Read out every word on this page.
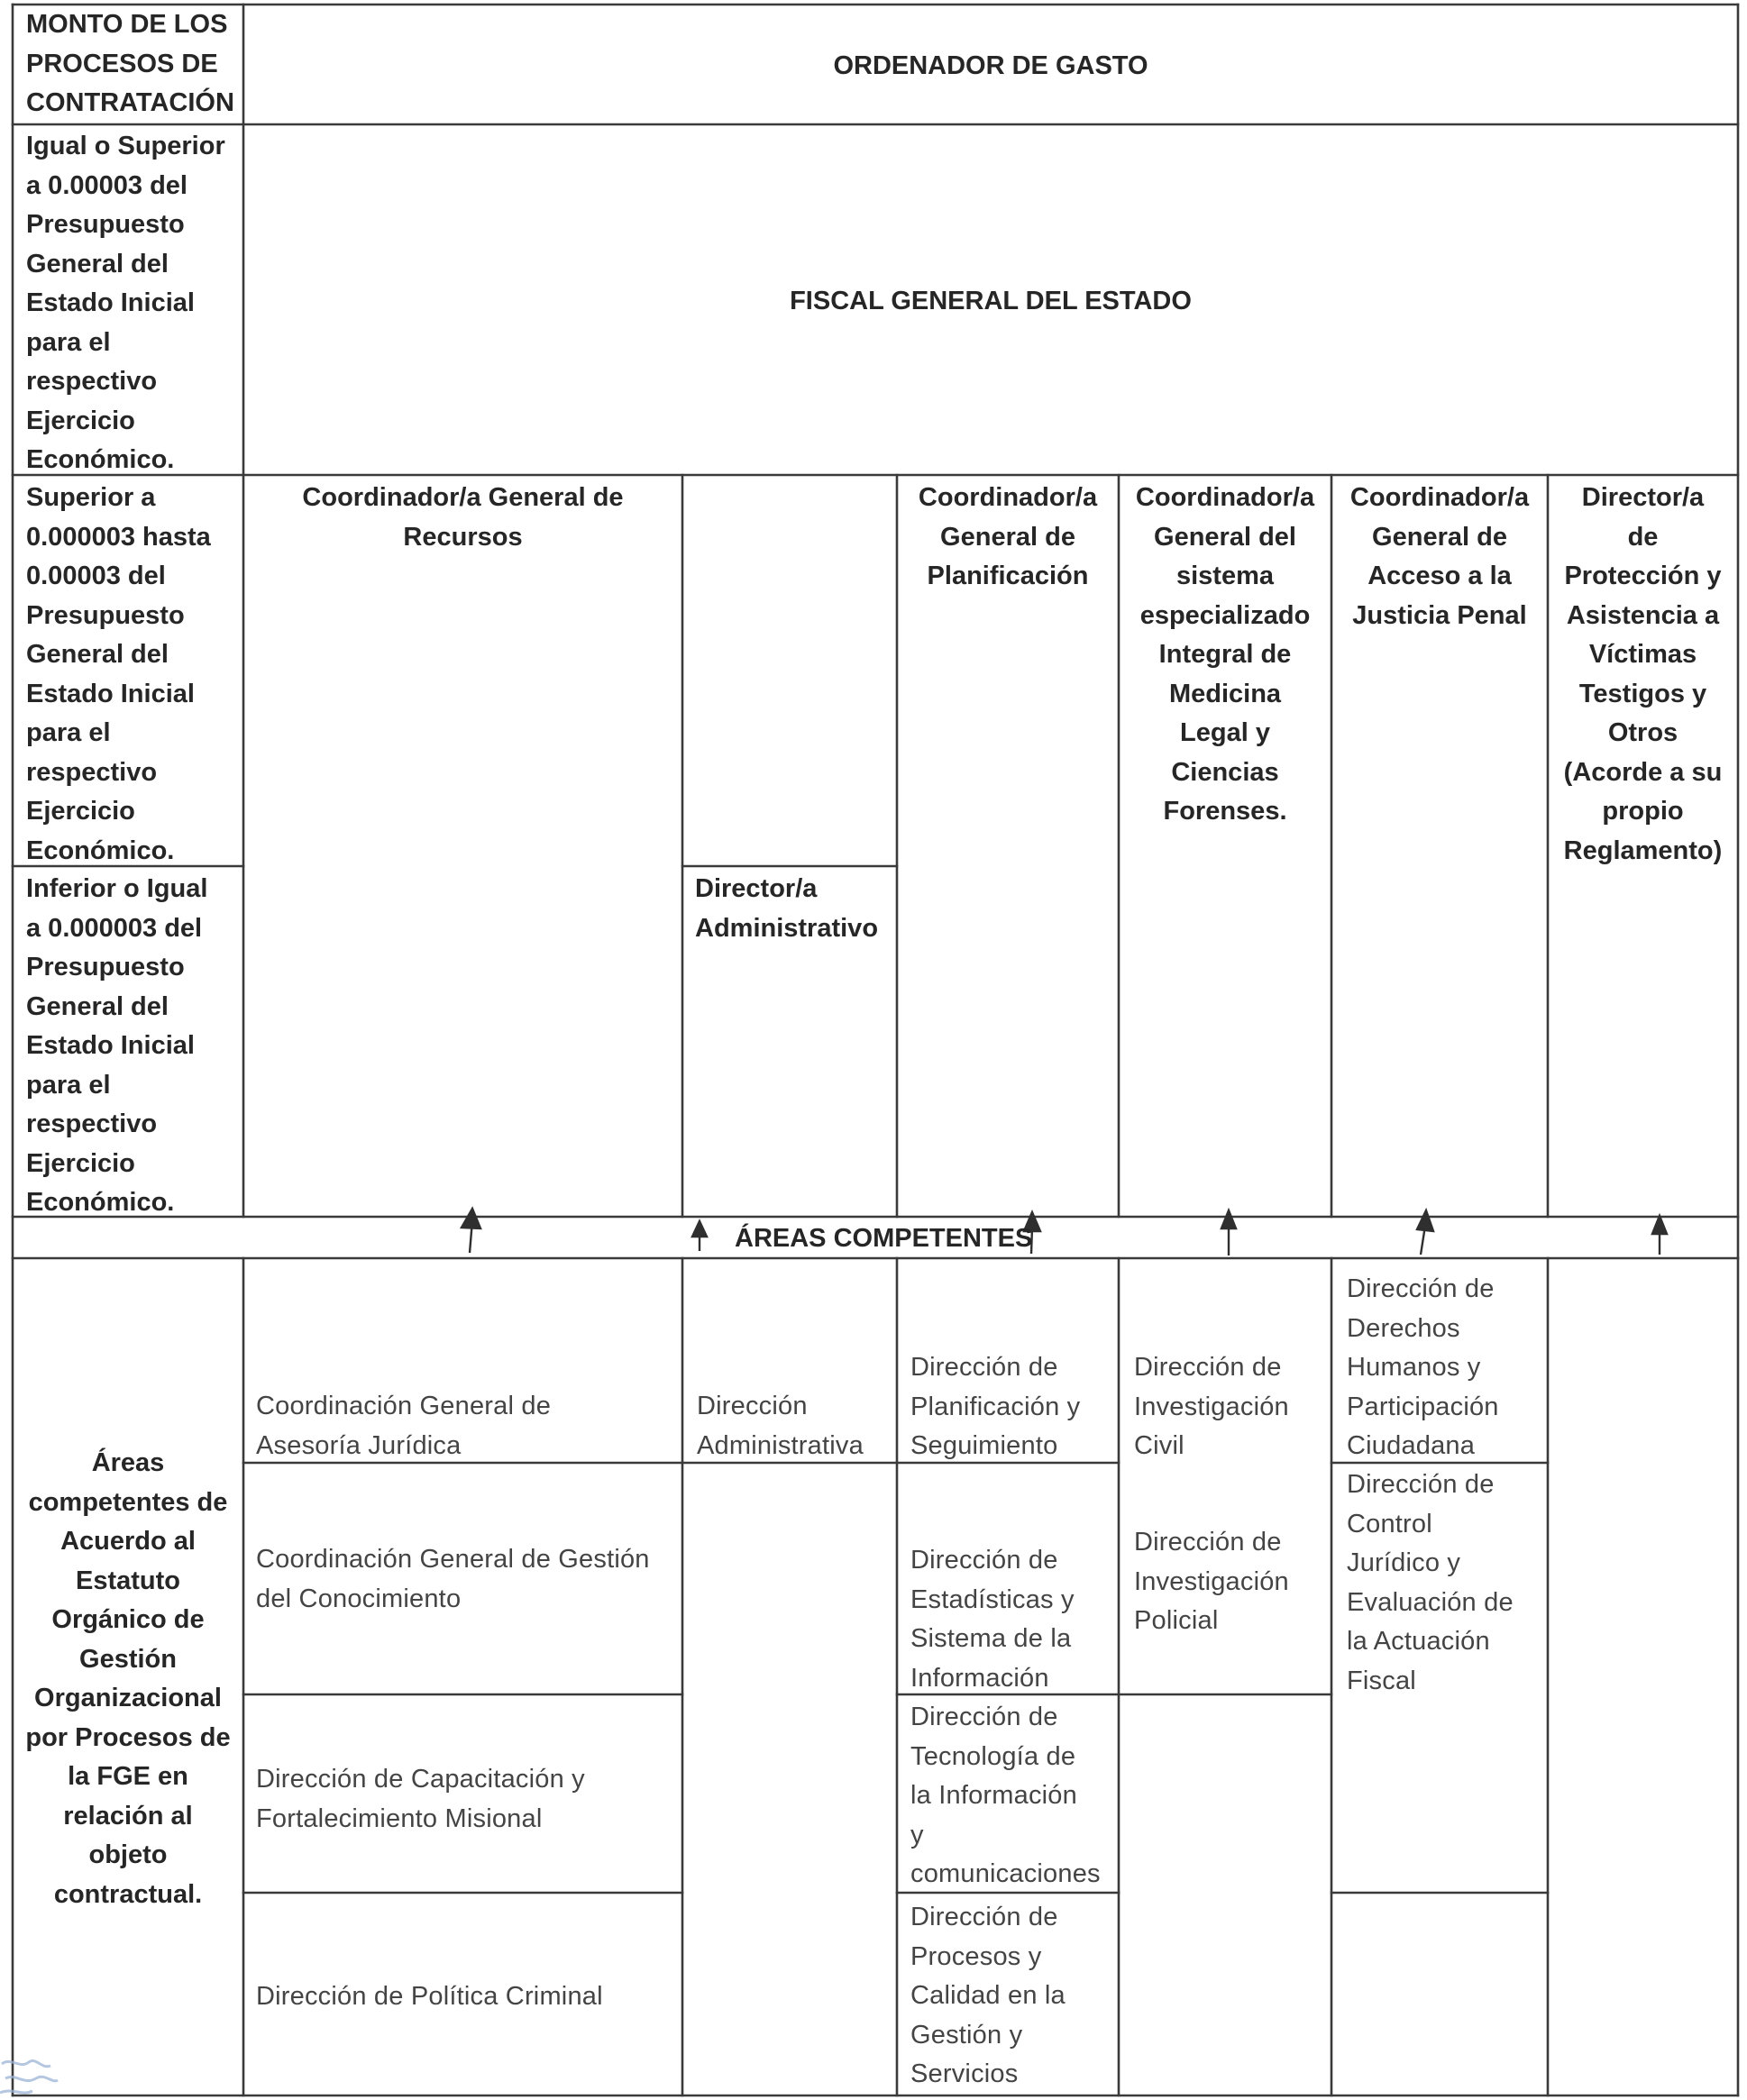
MONTO DE LOS
PROCESOS DE
CONTRATACIÓN
ORDENADOR DE GASTO
Igual o Superior
a 0.00003 del
Presupuesto
General del
Estado Inicial
para el
respectivo
Ejercicio
Económico.
FISCAL GENERAL DEL ESTADO
Superior a
0.000003 hasta
0.00003 del
Presupuesto
General del
Estado Inicial
para el
respectivo
Ejercicio
Económico.
Inferior o Igual
a 0.000003 del
Presupuesto
General del
Estado Inicial
para el
respectivo
Ejercicio
Económico.
Coordinador/a General de
Recursos
Director/a
Administrativo
Coordinador/a
General de
Planificación
Coordinador/a
General del
sistema
especializado
Integral de
Medicina
Legal y
Ciencias
Forenses.
Coordinador/a
General de
Acceso a la
Justicia Penal
Director/a
de
Protección y
Asistencia a
Víctimas
Testigos y
Otros
(Acorde a su
propio
Reglamento)
ÁREAS COMPETENTES
Áreas
competentes de
Acuerdo al
Estatuto
Orgánico de
Gestión
Organizacional
por Procesos de
la FGE en
relación al
objeto
contractual.
Coordinación General de
Asesoría Jurídica
Coordinación General de Gestión
del Conocimiento
Dirección de Capacitación y
Fortalecimiento Misional
Dirección de Política Criminal
Dirección
Administrativa
Dirección de
Planificación y
Seguimiento
Dirección de
Estadísticas y
Sistema de la
Información
Dirección de
Tecnología de
la Información
y
comunicaciones
Dirección de
Procesos y
Calidad en la
Gestión y
Servicios
Dirección de
Investigación
Civil
Dirección de
Investigación
Policial
Dirección de
Derechos
Humanos y
Participación
Ciudadana
Dirección de
Control
Jurídico y
Evaluación de
la Actuación
Fiscal
